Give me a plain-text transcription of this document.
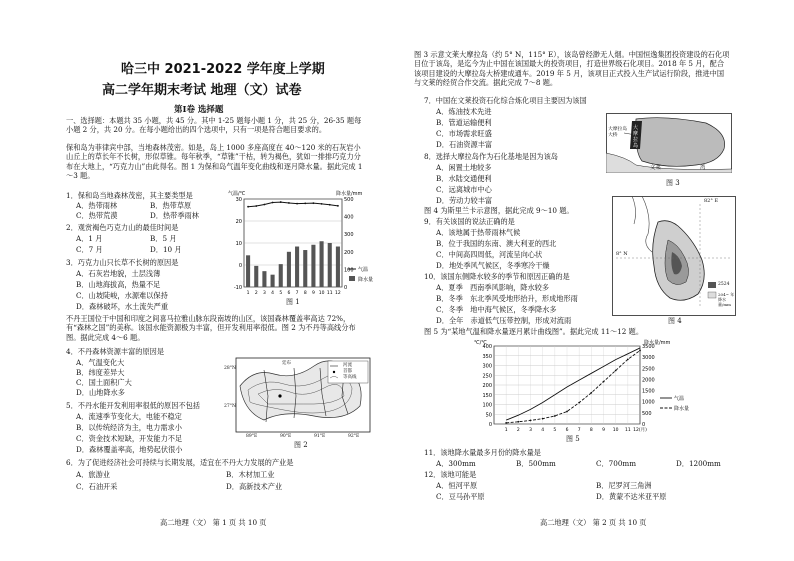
哈三中 2021-2022 学年度上学期
高二学年期末考试 地理（文）试卷
第Ⅰ卷 选择题
一、选择题：本题共 35 小题，共 45 分。其中 1-25 题每小题 1 分，共 25 分，26-35 题每小题 2 分，共 20 分。在每小题给出的四个选项中，只有一项是符合题目要求的。
保和岛为菲律宾中部，当地森林茂密。如是，岛上 1000 多座高度在 40～120 米的石灰岩小山丘上的草长年不长树，形似草锥。每年秋季，“草锥”干枯，转为褐色，犹如一排排巧克力分布在大地上，“巧克力山”由此得名。图 1 为保和岛气温年变化曲线和逐月降水量。据此完成 1～3 题。
1．保和岛当地森林茂密，其主要类型是
A．热带雨林	B．热带草原
C．热带荒漠	D．热带季雨林
2．观赏褐色巧克力山的最佳时间是
A．1 月	B．5 月
C．7 月	D．10 月
3．巧克力山只长草不长树的原因是
A．石灰岩地貌，土层浅薄
B．山地海拔高，热量不足
C．山坡陡峻，水源难以保持
D．森林破坏，水土流失严重
30
20
10
0
-10
500
400
300
200
100
0
气温/℃	降水量/mm
1 2 3 4 5 6 7 8 9 10 11 12
气温
降水量
图 1
不丹王国位于中国和印度之间喜马拉雅山脉东段南坡的山区，该国森林覆盖率高达 72%，有“森林之国”的美称。该国水能资源极为丰富，但开发利用率很低。图 2 为不丹等高线分布图。据此完成 4～6 题。
4．不丹森林资源丰富的原因是
A．气温变化大
B．纬度差异大
C．国土面积广大
D．山地降水多
5．不丹水能开发利用率很低的原因不包括
A．流速季节变化大，电能不稳定
B．以传统经济为主，电力需求小
C．资金技术短缺，开发能力不足
D．森林覆盖率高，地势起伏很小
6．为了促进经济社会可持续与长期发展，适宜在不丹大力发展的产业是
A．旅游业	B．木材加工业
C．石油开采	D．高新技术产业
廷布	河流
首都
等高线
28°N
27°N
89°E	90°E	91°E	92°E
图 2
高二地理（文） 第 1 页 共 10 页
图 3 示意文莱大摩拉岛（约 5° N，115° E），该岛曾经渺无人烟。中国恒逸集团投资建设的石化项目位于该岛，是迄今为止中国在该国最大的投资项目，打造世界级石化项目。2018 年 5 月，配合该项目建设的大摩拉岛大桥建成通车。2019 年 5 月，该项目正式投入生产试运行阶段，推进中国与文莱的经贸合作交流。据此完成 7～8 题。
7．中国在文莱投资石化综合炼化项目主要因为该国
A．炼油技术先进
B．管道运输便利
C．市场需求旺盛
D．石油资源丰富
8．选择大摩拉岛作为石化基地是因为该岛
A．闲置土地较多
B．水陆交通便利
C．远离城市中心
D．劳动力较丰富
大摩拉岛大桥
大摩拉岛
文莱	湾
图 3
图 4 为斯里兰卡示意图，据此完成 9～10 题。
9．有关该国的说法正确的是
A．该地属于热带雨林气候
B．位于我国的东南、澳大利亚的西北
C．中间高四周低，河流呈向心状
D．地处季风气候区，冬季寒冷干燥
10．该国东侧降水较多的季节和原因正确的是
A．夏季　西南季风影响，降水较多
B．冬季　东北季风受地形抬升，形成地形雨
C．冬季　地中海气候区，冬季降水多
D．全年　赤道低气压带控制，形成对流雨
82° E
8° N
2524
204~ 年降水量/mm
图 4
图 5 为“某地气温和降水量逐月累计曲线图”。据此完成 11～12 题。
400
350
300
250
200
150
100
50
0
3500
3000
2500
2000
1500
1000
500
0
℃/℃	降水量/mm
1 2 3 4 5 6 7 8 9 10 11 12(月)
气温
降水量
图 5
11．该地降水量最多月份的降水量是
A．300mm	B．500mm	C．700mm	D．1200mm
12．该地可能是
A．恒河平原	B．尼罗河三角洲
C．豆马孙平原	D．黄蒙不达米亚平原
高二地理（文） 第 2 页 共 10 页
